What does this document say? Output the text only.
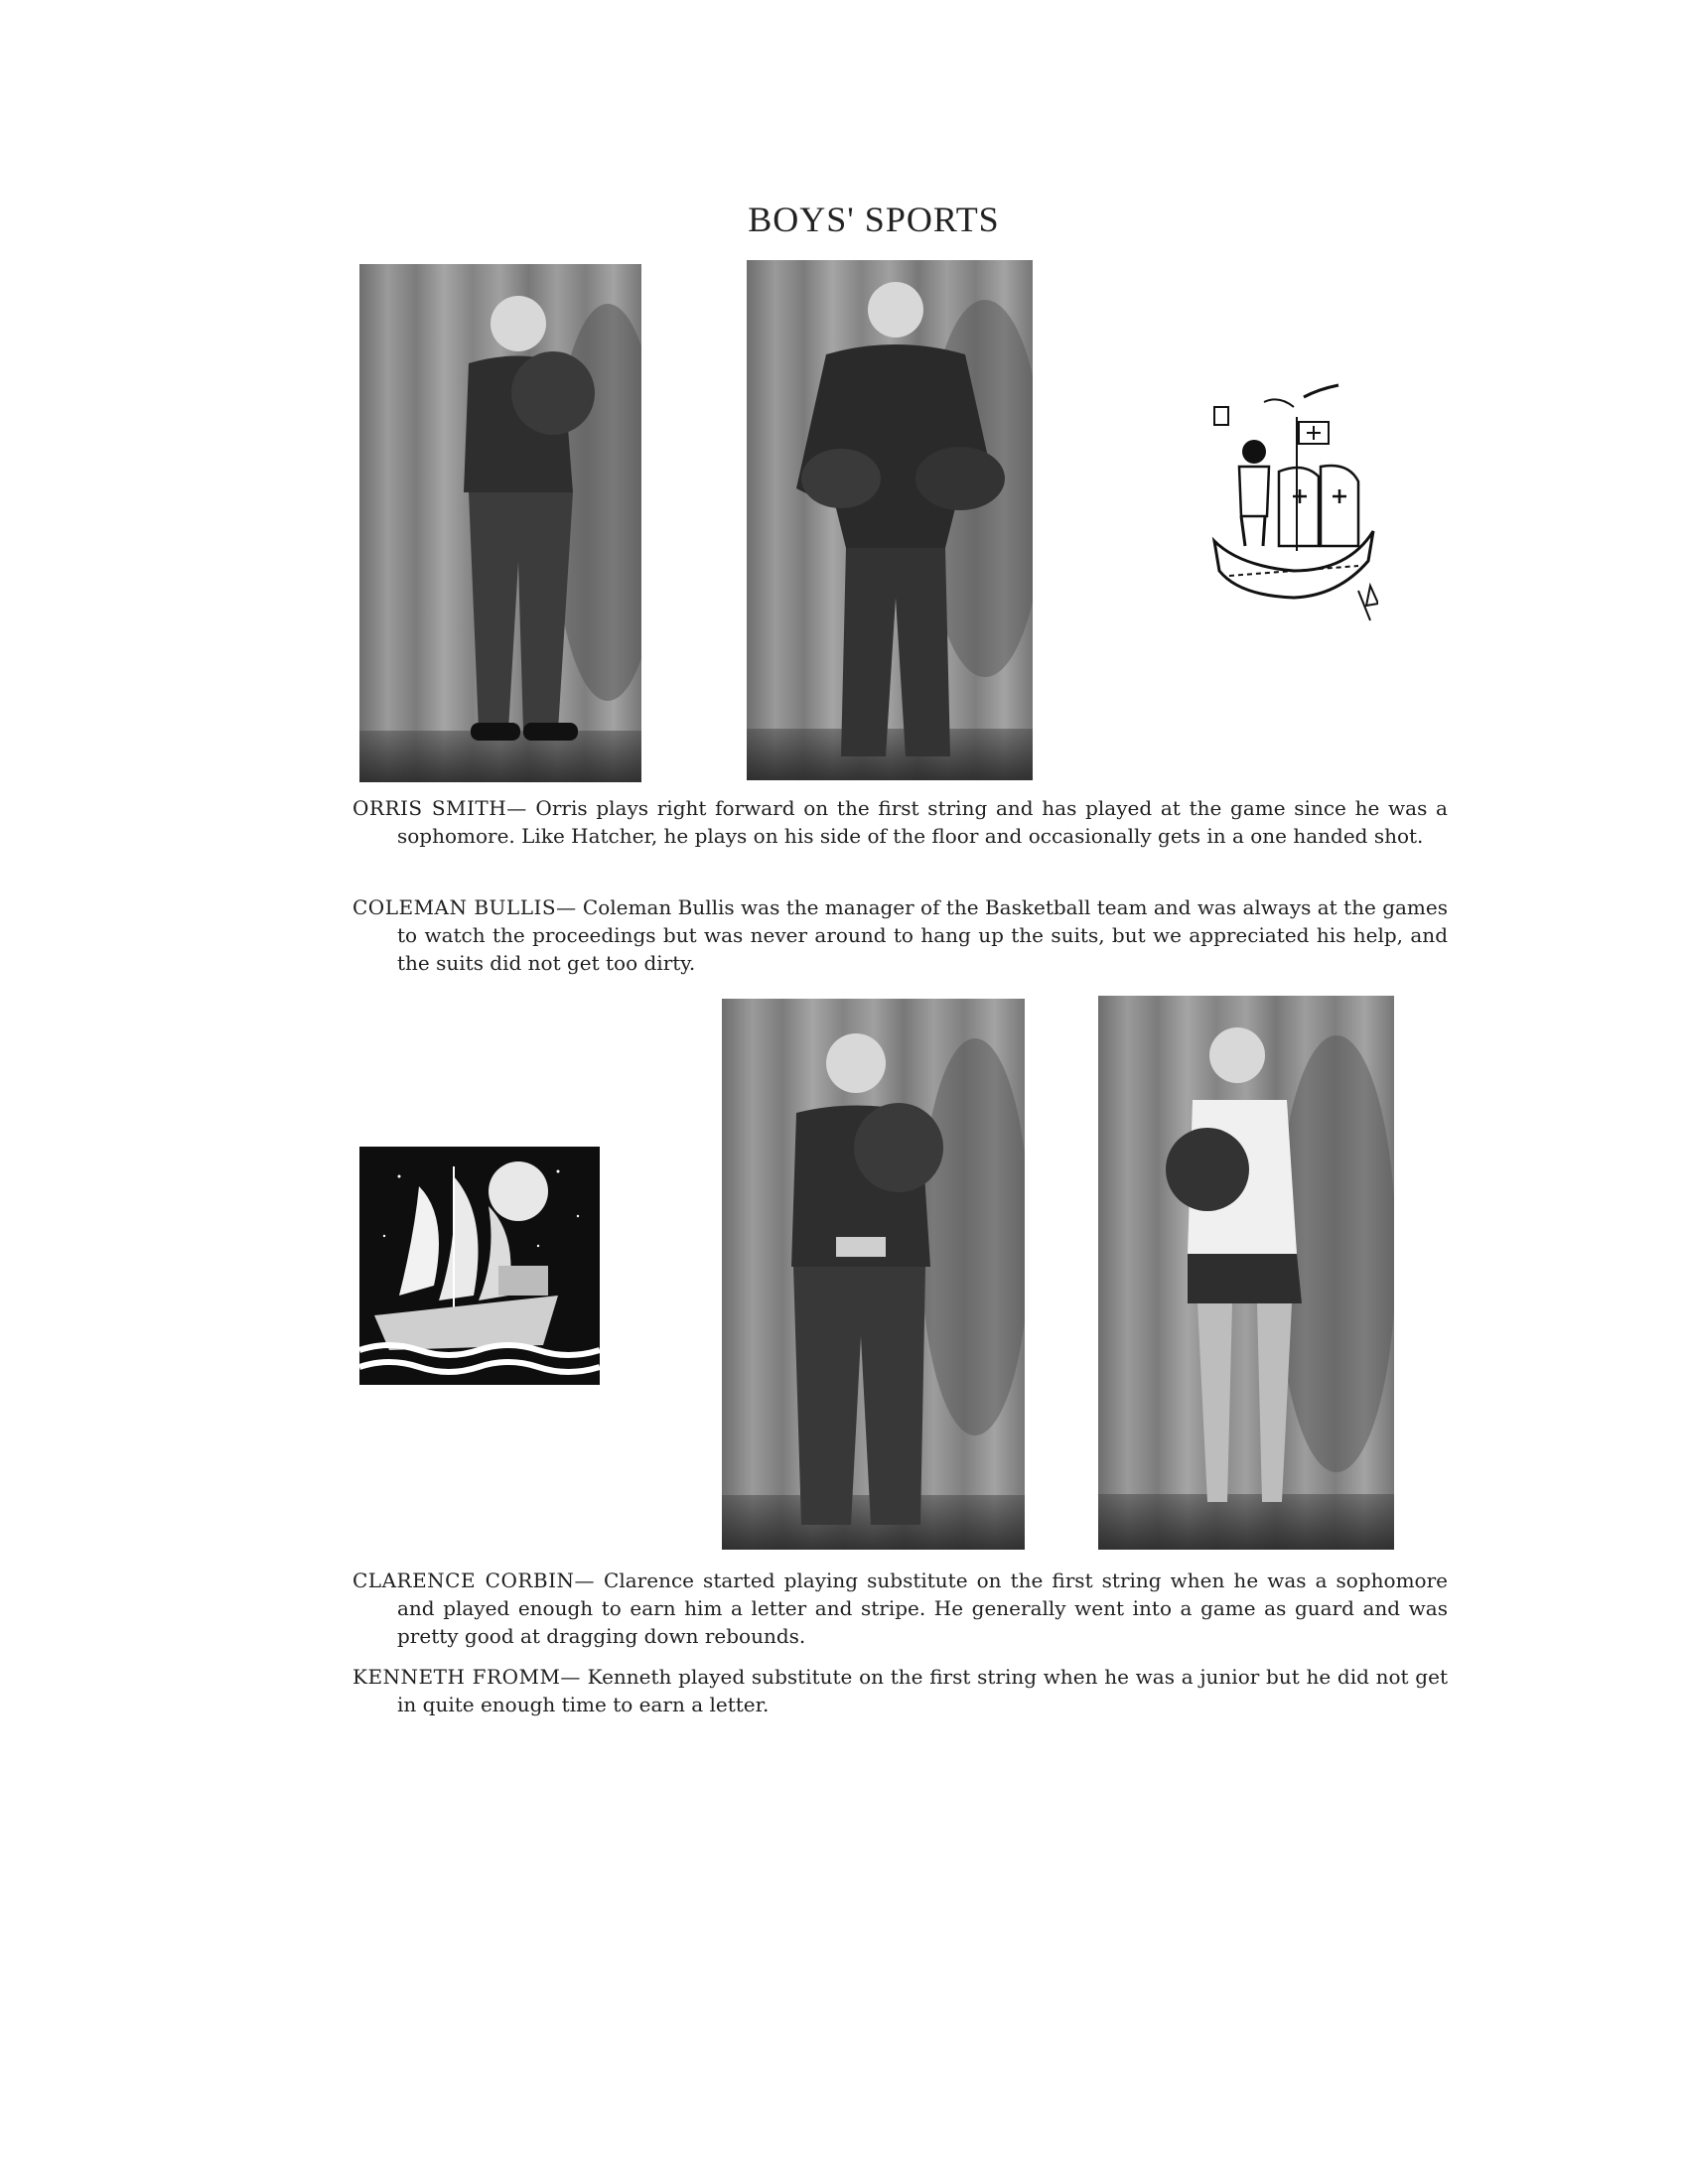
BOYS' SPORTS
ORRIS SMITH— Orris plays right forward on the first string and has played at the game since he was a sophomore. Like Hatcher, he plays on his side of the floor and occasionally gets in a one handed shot.
COLEMAN BULLIS— Coleman Bullis was the manager of the Basketball team and was always at the games to watch the proceedings but was never around to hang up the suits, but we appreciated his help, and the suits did not get too dirty.
CLARENCE CORBIN— Clarence started playing substitute on the first string when he was a sophomore and played enough to earn him a letter and stripe. He generally went into a game as guard and was pretty good at dragging down rebounds.
KENNETH FROMM— Kenneth played substitute on the first string when he was a junior but he did not get in quite enough time to earn a letter.
